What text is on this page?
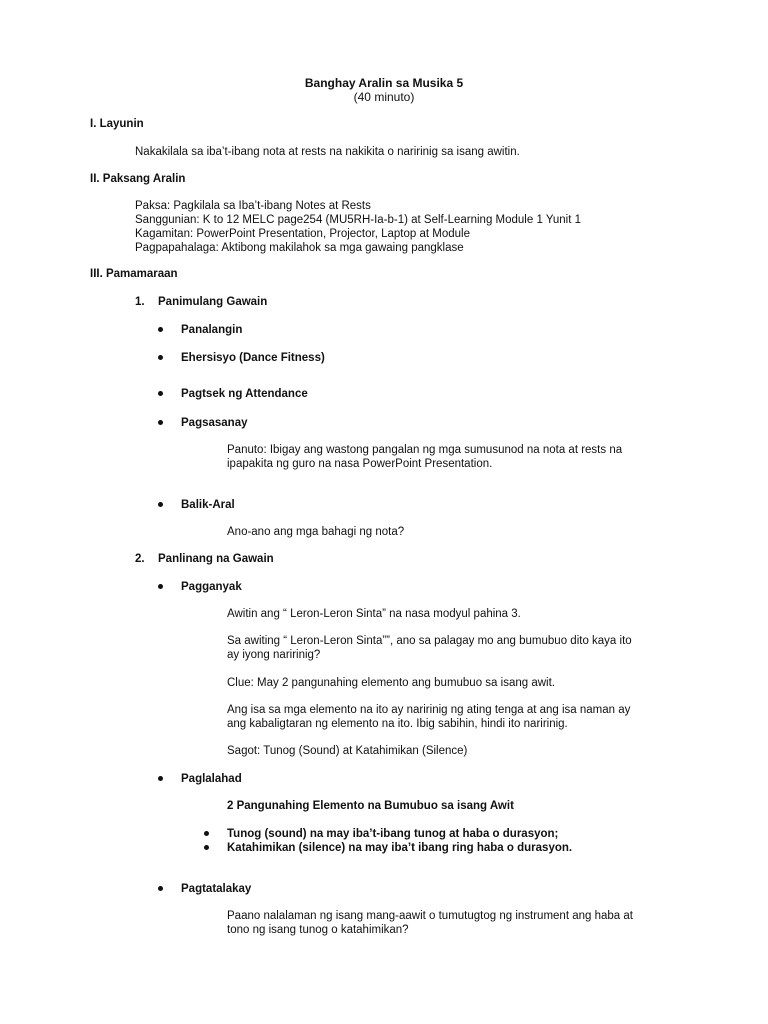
Banghay Aralin sa Musika 5
(40 minuto)
I. Layunin
Nakakilala sa iba’t-ibang nota at rests na nakikita o naririnig sa isang awitin.
II. Paksang Aralin
Paksa: Pagkilala sa Iba’t-ibang Notes at Rests
Sanggunian: K to 12 MELC page254 (MU5RH-Ia-b-1) at Self-Learning Module 1 Yunit 1
Kagamitan: PowerPoint Presentation, Projector, Laptop at Module
Pagpapahalaga: Aktibong makilahok sa mga gawaing pangklase
III. Pamamaraan
1. Panimulang Gawain
Panalangin
Ehersisyo (Dance Fitness)
Pagtsek ng Attendance
Pagsasanay
Panuto: Ibigay ang wastong pangalan ng mga sumusunod na nota at rests na
ipapakita ng guro na nasa PowerPoint Presentation.
Balik-Aral
Ano-ano ang mga bahagi ng nota?
2. Panlinang na Gawain
Pagganyak
Awitin ang “ Leron-Leron Sinta” na nasa modyul pahina 3.
Sa awiting “ Leron-Leron Sinta””, ano sa palagay mo ang bumubuo dito kaya ito
ay iyong naririnig?
Clue: May 2 pangunahing elemento ang bumubuo sa isang awit.
Ang isa sa mga elemento na ito ay naririnig ng ating tenga at ang isa naman ay
ang kabaligtaran ng elemento na ito. Ibig sabihin, hindi ito naririnig.
Sagot: Tunog (Sound) at Katahimikan (Silence)
Paglalahad
2 Pangunahing Elemento na Bumubuo sa isang Awit
Tunog (sound) na may iba’t-ibang tunog at haba o durasyon;
Katahimikan (silence) na may iba’t ibang ring haba o durasyon.
Pagtatalakay
Paano nalalaman ng isang mang-aawit o tumutugtog ng instrument ang haba at
tono ng isang tunog o katahimikan?
